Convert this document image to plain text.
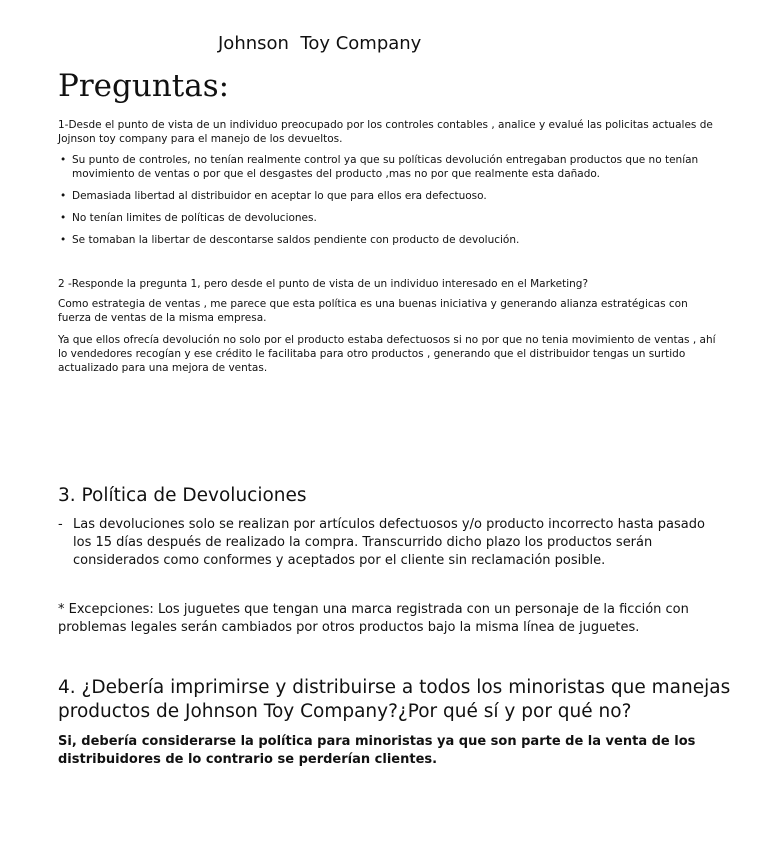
Johnson  Toy Company
Preguntas:
1-Desde el punto de vista de un individuo preocupado por los controles contables , analice y evalué las policitas actuales de Jojnson toy company para el manejo de los devueltos.
• Su punto de controles, no tenían realmente control ya que su políticas devolución entregaban productos que no tenían movimiento de ventas o por que el desgastes del producto ,mas no por que realmente esta dañado.
• Demasiada libertad al distribuidor en aceptar lo que para ellos era defectuoso.
• No tenían limites de políticas de devoluciones.
• Se tomaban la libertar de descontarse saldos pendiente con producto de devolución.
2 -Responde la pregunta 1, pero desde el punto de vista de un individuo interesado en el Marketing?
Como estrategia de ventas , me parece que esta política es una buenas iniciativa y generando alianza estratégicas con fuerza de ventas de la misma empresa.
Ya que ellos ofrecía devolución no solo por el producto estaba defectuosos si no por que no tenia movimiento de ventas , ahí lo vendedores recogían y ese crédito le facilitaba para otro productos , generando que el distribuidor tengas un surtido actualizado para una mejora de ventas.
3. Política de Devoluciones
- Las devoluciones solo se realizan por artículos defectuosos y/o producto incorrecto hasta pasado los 15 días después de realizado la compra. Transcurrido dicho plazo los productos serán considerados como conformes y aceptados por el cliente sin reclamación posible.
* Excepciones: Los juguetes que tengan una marca registrada con un personaje de la ficción con problemas legales serán cambiados por otros productos bajo la misma línea de juguetes.
4. ¿Debería imprimirse y distribuirse a todos los minoristas que manejas productos de Johnson Toy Company?¿Por qué sí y por qué no?
Si, debería considerarse la política para minoristas ya que son parte de la venta de los distribuidores de lo contrario se perderían clientes.
